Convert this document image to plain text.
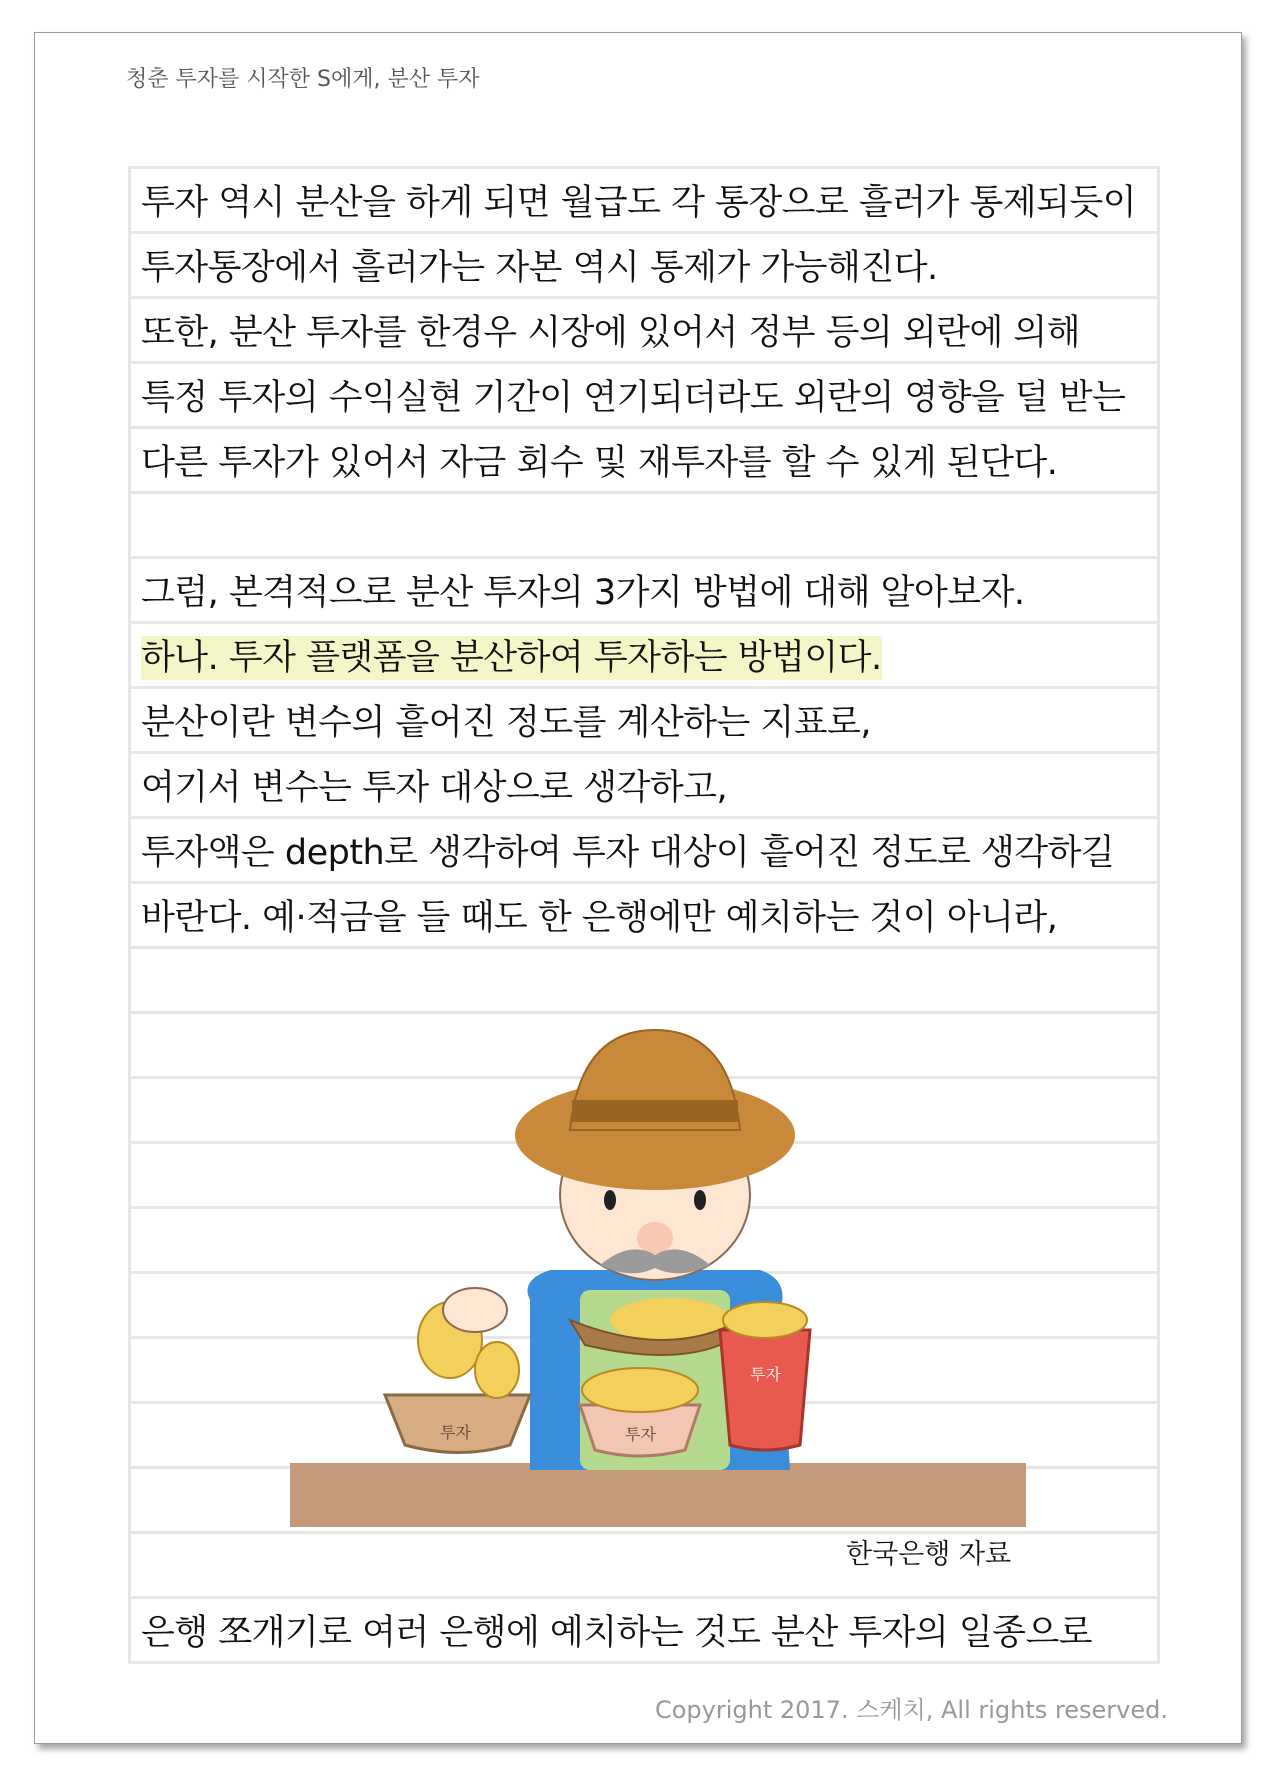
청춘 투자를 시작한 S에게, 분산 투자
투자 역시 분산을 하게 되면 월급도 각 통장으로 흘러가 통제되듯이
투자통장에서 흘러가는 자본 역시 통제가 가능해진다.
또한, 분산 투자를 한경우 시장에 있어서 정부 등의 외란에 의해
특정 투자의 수익실현 기간이 연기되더라도 외란의 영향을 덜 받는
다른 투자가 있어서 자금 회수 및 재투자를 할 수 있게 된단다.
그럼, 본격적으로 분산 투자의 3가지 방법에 대해 알아보자.
하나. 투자 플랫폼을 분산하여 투자하는 방법이다.
분산이란 변수의 흩어진 정도를 계산하는 지표로,
여기서 변수는 투자 대상으로 생각하고,
투자액은 depth로 생각하여 투자 대상이 흩어진 정도로 생각하길
바란다. 예·적금을 들 때도 한 은행에만 예치하는 것이 아니라,
은행 쪼개기로 여러 은행에 예치하는 것도 분산 투자의 일종으로
투자	투자
투자
한국은행 자료
Copyright 2017. 스케치, All rights reserved.
